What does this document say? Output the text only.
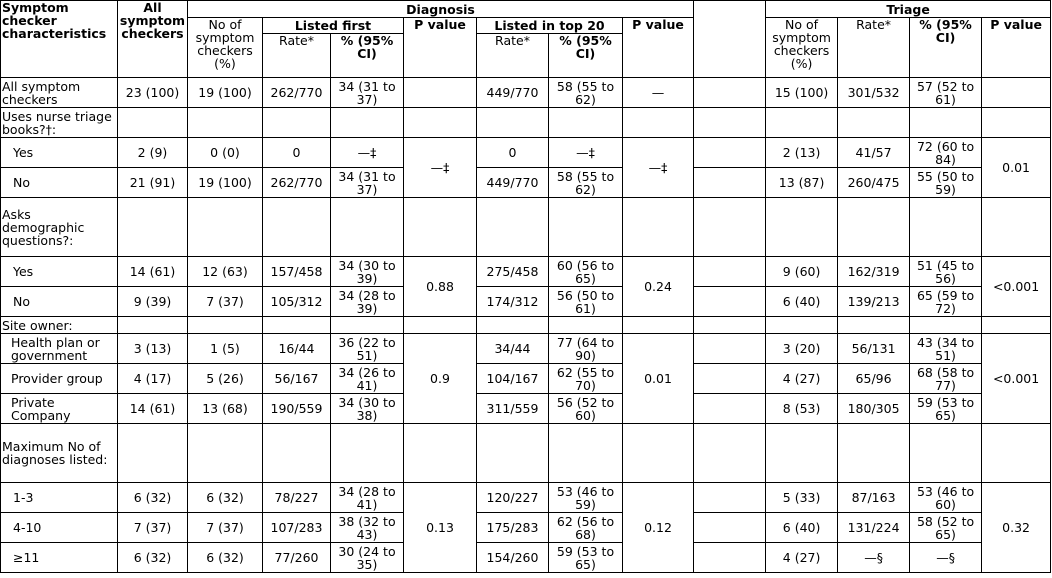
Symptom checker characteristics	All symptom checkers	Diagnosis								Triage			
		No of symptom checkers (%)	Listed first		P value	Listed in top 20		P value		No of symptom checkers (%)	Rate*	% (95% CI)	P value
			Rate*	% (95% CI)		Rate*	% (95% CI)						

All symptom checkers	23 (100)	19 (100)	262/770	34 (31 to 37)		449/770	58 (55 to 62)	—		15 (100)	301/532	57 (52 to 61)	
Uses nurse triage books?†:													
Yes	2 (9)	0 (0)	0	—‡	—‡	0	—‡	—‡		2 (13)	41/57	72 (60 to 84)	0.01
No	21 (91)	19 (100)	262/770	34 (31 to 37)		449/770	58 (55 to 62)			13 (87)	260/475	55 (50 to 59)	
Asks demographic questions?:													
Yes	14 (61)	12 (63)	157/458	34 (30 to 39)	0.88	275/458	60 (56 to 65)	0.24		9 (60)	162/319	51 (45 to 56)	<0.001
No	9 (39)	7 (37)	105/312	34 (28 to 39)		174/312	56 (50 to 61)			6 (40)	139/213	65 (59 to 72)	
Site owner:													
Health plan or government	3 (13)	1 (5)	16/44	36 (22 to 51)	0.9	34/44	77 (64 to 90)	0.01		3 (20)	56/131	43 (34 to 51)	<0.001
Provider group	4 (17)	5 (26)	56/167	34 (26 to 41)		104/167	62 (55 to 70)			4 (27)	65/96	68 (58 to 77)	
Private Company	14 (61)	13 (68)	190/559	34 (30 to 38)		311/559	56 (52 to 60)			8 (53)	180/305	59 (53 to 65)	
Maximum No of diagnoses listed:													
1-3	6 (32)	6 (32)	78/227	34 (28 to 41)	0.13	120/227	53 (46 to 59)	0.12		5 (33)	87/163	53 (46 to 60)	0.32
4-10	7 (37)	7 (37)	107/283	38 (32 to 43)		175/283	62 (56 to 68)			6 (40)	131/224	58 (52 to 65)	
≥11	6 (32)	6 (32)	77/260	30 (24 to 35)		154/260	59 (53 to 65)			4 (27)	—§	—§	
